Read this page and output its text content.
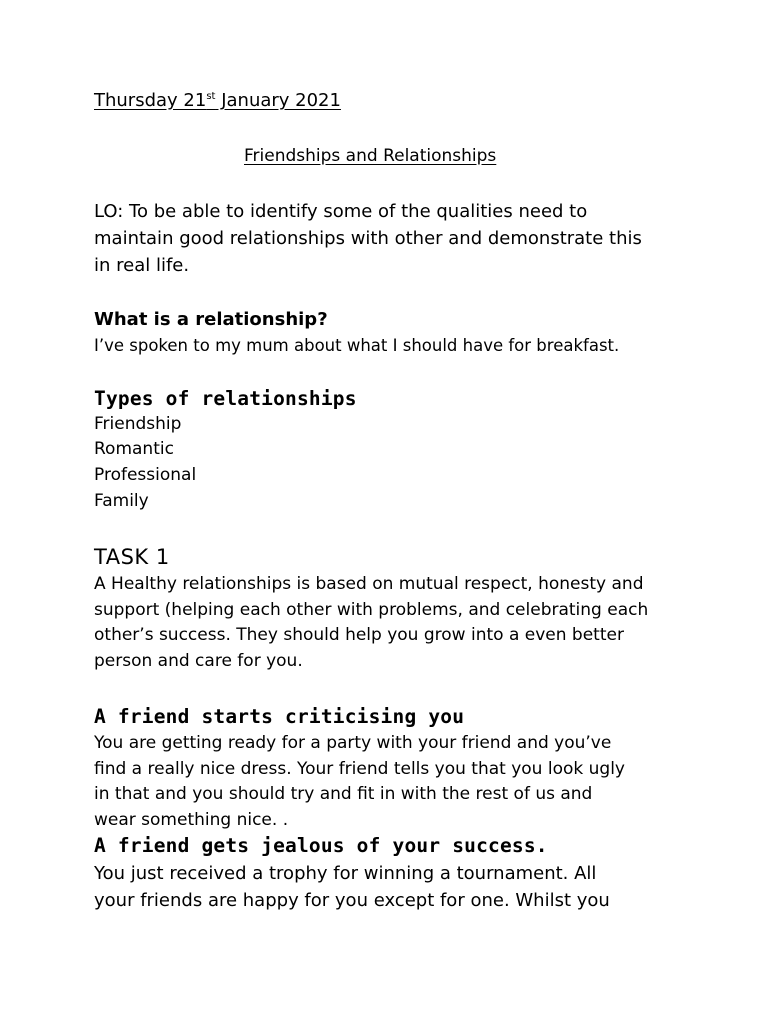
Thursday 21st January 2021
Friendships and Relationships
LO: To be able to identify some of the qualities need to
maintain good relationships with other and demonstrate this
in real life.
What is a relationship?
I’ve spoken to my mum about what I should have for breakfast.
Types of relationships
Friendship
Romantic
Professional
Family
TASK 1
A Healthy relationships is based on mutual respect, honesty and
support (helping each other with problems, and celebrating each
other’s success. They should help you grow into a even better
person and care for you.
A friend starts criticising you
You are getting ready for a party with your friend and you’ve
find a really nice dress. Your friend tells you that you look ugly
in that and you should try and fit in with the rest of us and
wear something nice. .
A friend gets jealous of your success.
You just received a trophy for winning a tournament. All
your friends are happy for you except for one. Whilst you
